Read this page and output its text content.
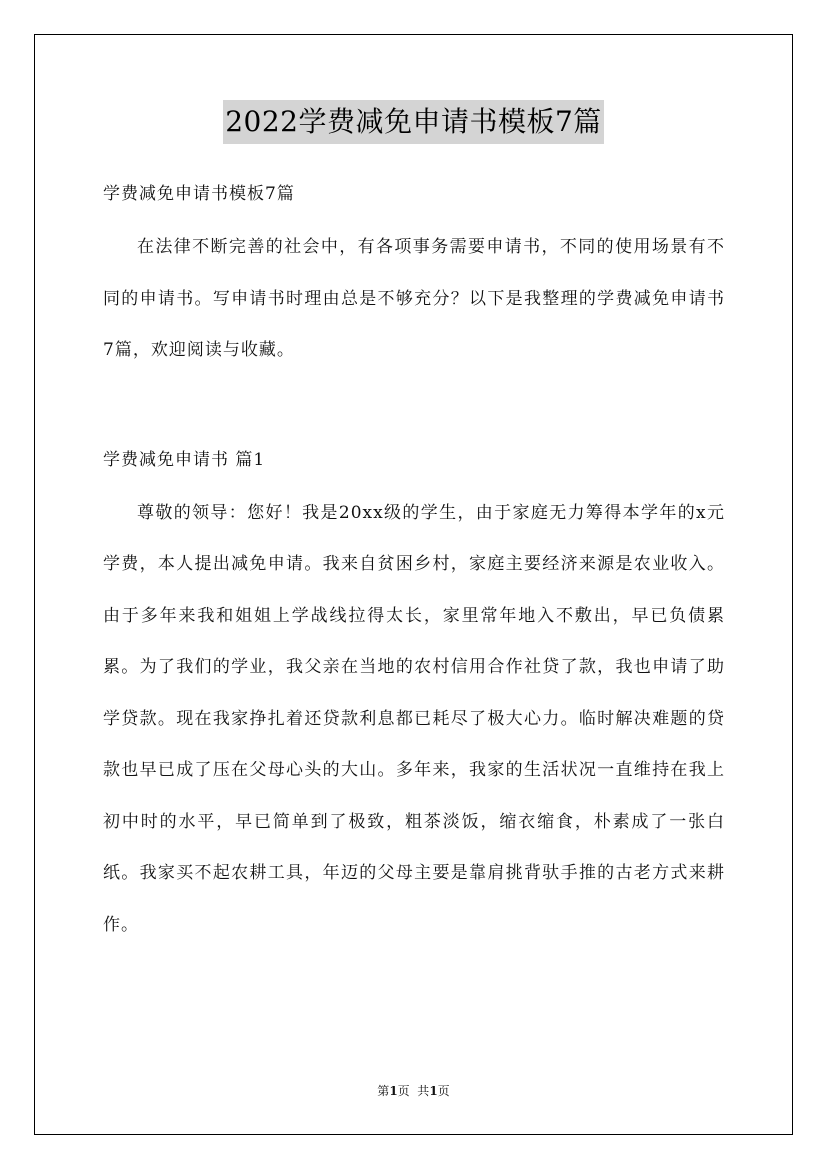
2022学费减免申请书模板7篇

学费减免申请书模板7篇

在法律不断完善的社会中，有各项事务需要申请书，不同的使用场景有不同的申请书。写申请书时理由总是不够充分？以下是我整理的学费减免申请书7篇，欢迎阅读与收藏。

学费减免申请书 篇1

尊敬的领导：您好！我是20xx级的学生，由于家庭无力筹得本学年的x元学费，本人提出减免申请。我来自贫困乡村，家庭主要经济来源是农业收入。由于多年来我和姐姐上学战线拉得太长，家里常年地入不敷出，早已负债累累。为了我们的学业，我父亲在当地的农村信用合作社贷了款，我也申请了助学贷款。现在我家挣扎着还贷款利息都已耗尽了极大心力。临时解决难题的贷款也早已成了压在父母心头的大山。多年来，我家的生活状况一直维持在我上初中时的水平，早已简单到了极致，粗茶淡饭，缩衣缩食，朴素成了一张白纸。我家买不起农耕工具，年迈的父母主要是靠肩挑背驮手推的古老方式来耕作。

第1页  共1页
